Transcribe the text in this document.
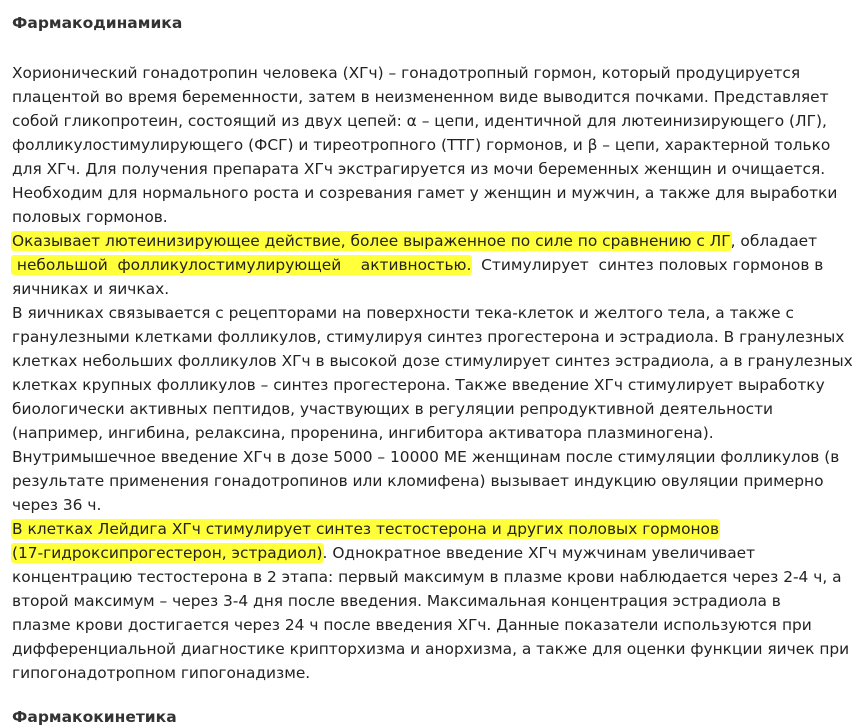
Фармакодинамика
Хорионический гонадотропин человека (ХГч) – гонадотропный гормон, который продуцируется
плацентой во время беременности, затем в неизмененном виде выводится почками. Представляет
собой гликопротеин, состоящий из двух цепей: α – цепи, идентичной для лютеинизирующего (ЛГ),
фолликулостимулирующего (ФСГ) и тиреотропного (ТТГ) гормонов, и β – цепи, характерной только
для ХГч. Для получения препарата ХГч экстрагируется из мочи беременных женщин и очищается.
Необходим для нормального роста и созревания гамет у женщин и мужчин, а также для выработки
половых гормонов.
Оказывает лютеинизирующее действие, более выраженное по силе по сравнению с ЛГ, обладает
небольшой  фолликулостимулирующей    активностью.  Стимулирует  синтез половых гормонов в
яичниках и яичках.
В яичниках связывается с рецепторами на поверхности тека-клеток и желтого тела, а также с
гранулезными клетками фолликулов, стимулируя синтез прогестерона и эстрадиола. В гранулезных
клетках небольших фолликулов ХГч в высокой дозе стимулирует синтез эстрадиола, а в гранулезных
клетках крупных фолликулов – синтез прогестерона. Также введение ХГч стимулирует выработку
биологически активных пептидов, участвующих в регуляции репродуктивной деятельности
(например, ингибина, релаксина, проренина, ингибитора активатора плазминогена).
Внутримышечное введение ХГч в дозе 5000 – 10000 МЕ женщинам после стимуляции фолликулов (в
результате применения гонадотропинов или кломифена) вызывает индукцию овуляции примерно
через 36 ч.
В клетках Лейдига ХГч стимулирует синтез тестостерона и других половых гормонов
(17-гидроксипрогестерон, эстрадиол). Однократное введение ХГч мужчинам увеличивает
концентрацию тестостерона в 2 этапа: первый максимум в плазме крови наблюдается через 2-4 ч, а
второй максимум – через 3-4 дня после введения. Максимальная концентрация эстрадиола в
плазме крови достигается через 24 ч после введения ХГч. Данные показатели используются при
дифференциальной диагностике крипторхизма и анорхизма, а также для оценки функции яичек при
гипогонадотропном гипогонадизме.
Фармакокинетика
